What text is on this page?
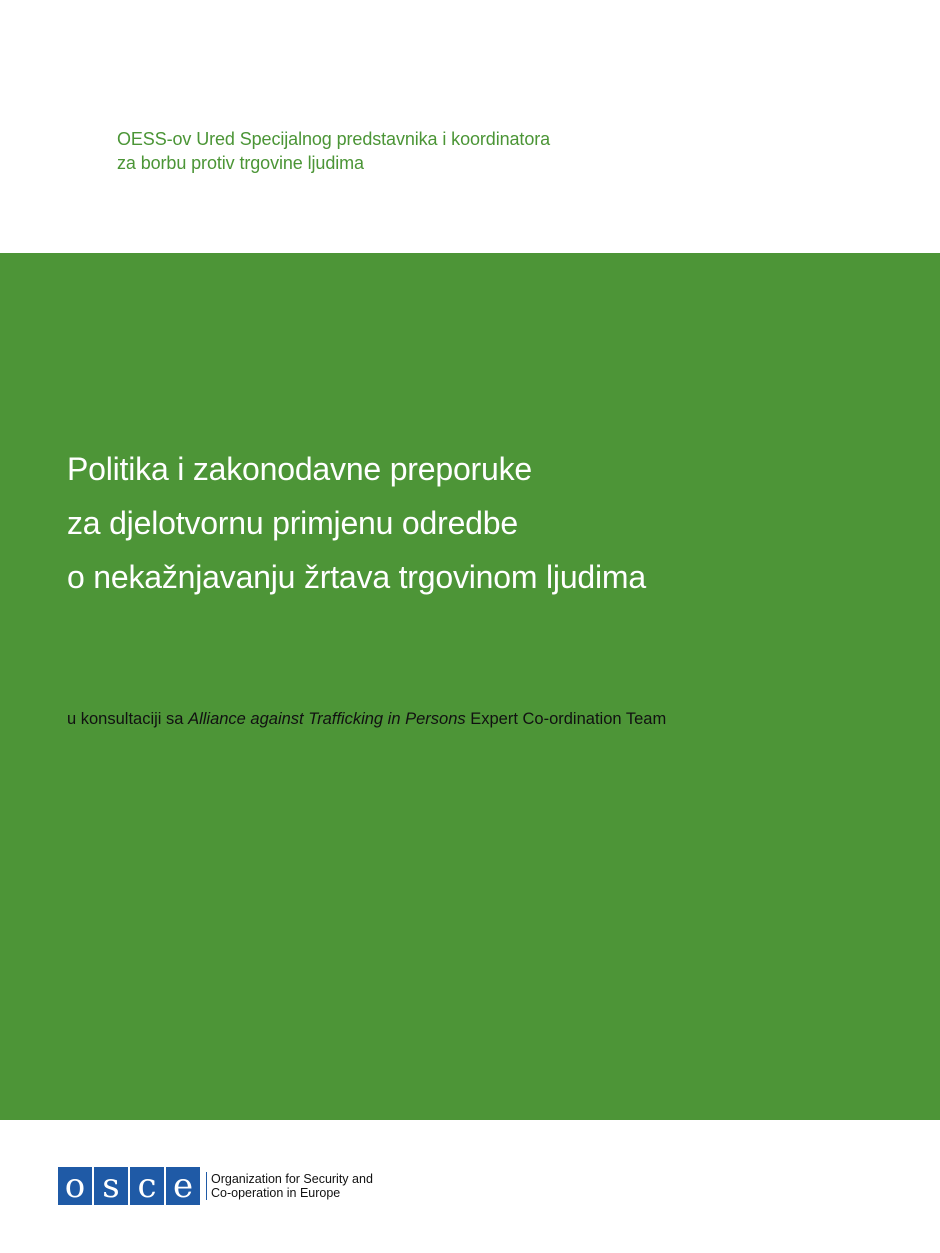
OESS-ov Ured Specijalnog predstavnika i koordinatora
za borbu protiv trgovine ljudima
Politika i zakonodavne preporuke
za djelotvornu primjenu odredbe
o nekažnjavanju žrtava trgovinom ljudima
u konsultaciji sa Alliance against Trafficking in Persons Expert Co-ordination Team
o s c e	Organization for Security and
Co-operation in Europe
